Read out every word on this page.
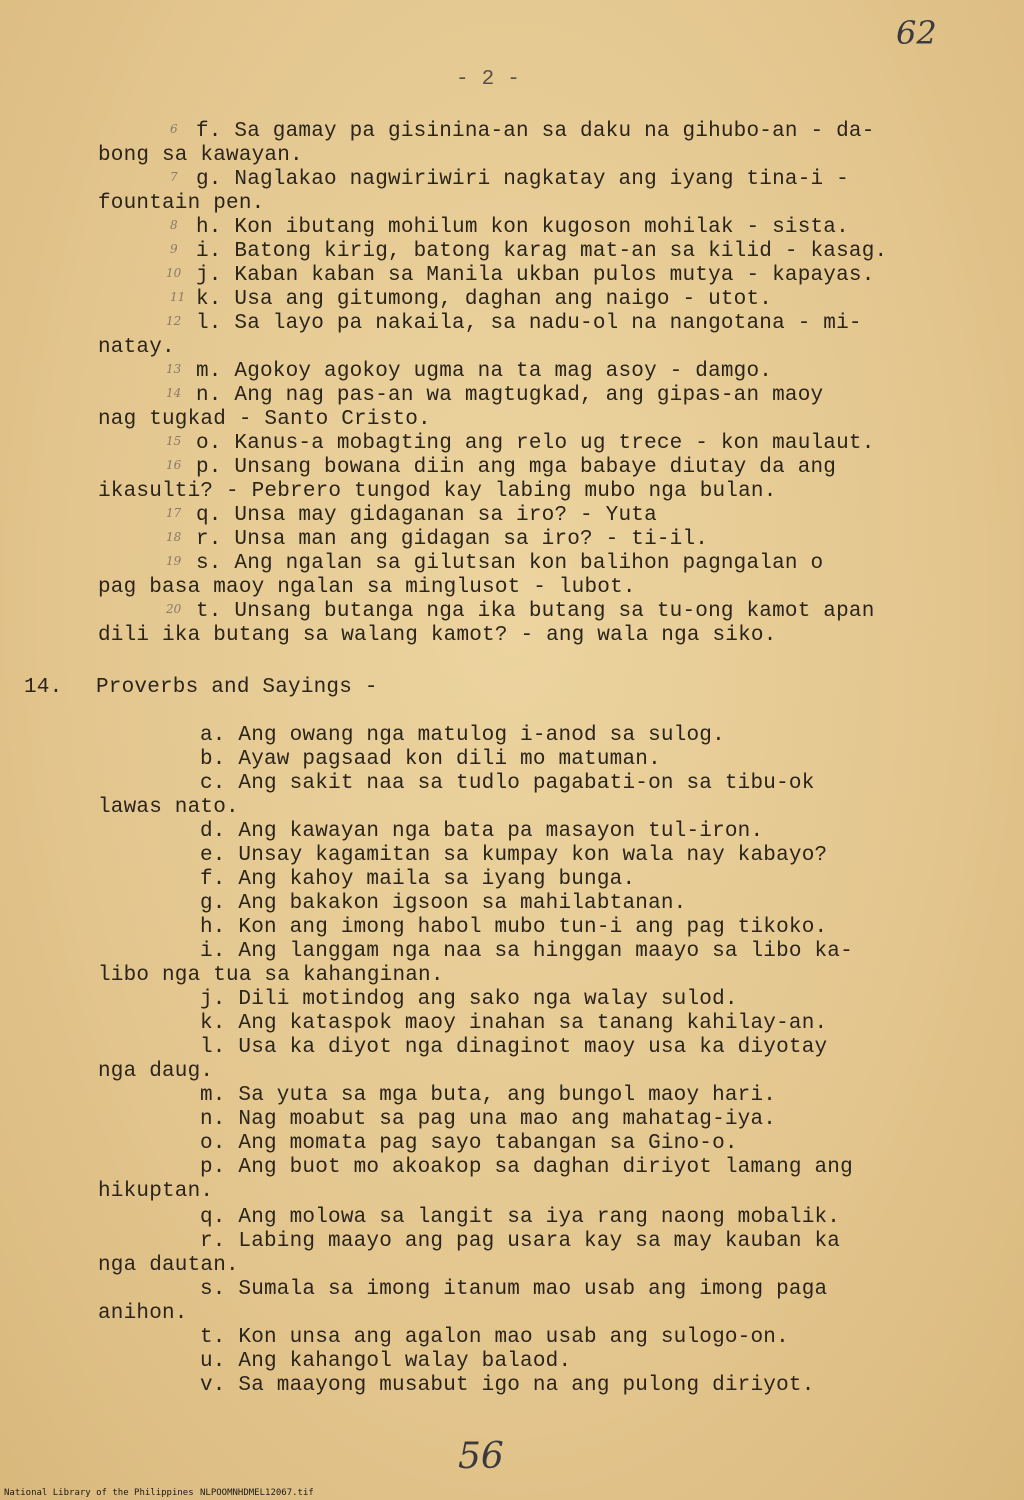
62
- 2 -
6 f. Sa gamay pa gisinina-an sa daku na gihubo-an - da-
bong sa kawayan.
7 g. Naglakao nagwiriwiri nagkatay ang iyang tina-i -
fountain pen.
8 h. Kon ibutang mohilum kon kugoson mohilak - sista.
9 i. Batong kirig, batong karag mat-an sa kilid - kasag.
10 j. Kaban kaban sa Manila ukban pulos mutya - kapayas.
11 k. Usa ang gitumong, daghan ang naigo - utot.
12 l. Sa layo pa nakaila, sa nadu-ol na nangotana - mi-
natay.
13 m. Agokoy agokoy ugma na ta mag asoy - damgo.
14 n. Ang nag pas-an wa magtugkad, ang gipas-an maoy
nag tugkad - Santo Cristo.
15 o. Kanus-a mobagting ang relo ug trece - kon maulaut.
16 p. Unsang bowana diin ang mga babaye diutay da ang
ikasulti? - Pebrero tungod kay labing mubo nga bulan.
17 q. Unsa may gidaganan sa iro? - Yuta
18 r. Unsa man ang gidagan sa iro? - ti-il.
19 s. Ang ngalan sa gilutsan kon balihon pagngalan o
pag basa maoy ngalan sa minglusot - lubot.
20 t. Unsang butanga nga ika butang sa tu-ong kamot apan
dili ika butang sa walang kamot? - ang wala nga siko.
14. Proverbs and Sayings -
a. Ang owang nga matulog i-anod sa sulog.
b. Ayaw pagsaad kon dili mo matuman.
c. Ang sakit naa sa tudlo pagabati-on sa tibu-ok
lawas nato.
d. Ang kawayan nga bata pa masayon tul-iron.
e. Unsay kagamitan sa kumpay kon wala nay kabayo?
f. Ang kahoy maila sa iyang bunga.
g. Ang bakakon igsoon sa mahilabtanan.
h. Kon ang imong habol mubo tun-i ang pag tikoko.
i. Ang langgam nga naa sa hinggan maayo sa libo ka-
libo nga tua sa kahanginan.
j. Dili motindog ang sako nga walay sulod.
k. Ang kataspok maoy inahan sa tanang kahilay-an.
l. Usa ka diyot nga dinaginot maoy usa ka diyotay
nga daug.
m. Sa yuta sa mga buta, ang bungol maoy hari.
n. Nag moabut sa pag una mao ang mahatag-iya.
o. Ang momata pag sayo tabangan sa Gino-o.
p. Ang buot mo akoakop sa daghan diriyot lamang ang
hikuptan.
q. Ang molowa sa langit sa iya rang naong mobalik.
r. Labing maayo ang pag usara kay sa may kauban ka
nga dautan.
s. Sumala sa imong itanum mao usab ang imong paga
anihon.
t. Kon unsa ang agalon mao usab ang sulogo-on.
u. Ang kahangol walay balaod.
v. Sa maayong musabut igo na ang pulong diriyot.
56
National Library of the Philippines NLPOOMNHDMEL12067.tif
